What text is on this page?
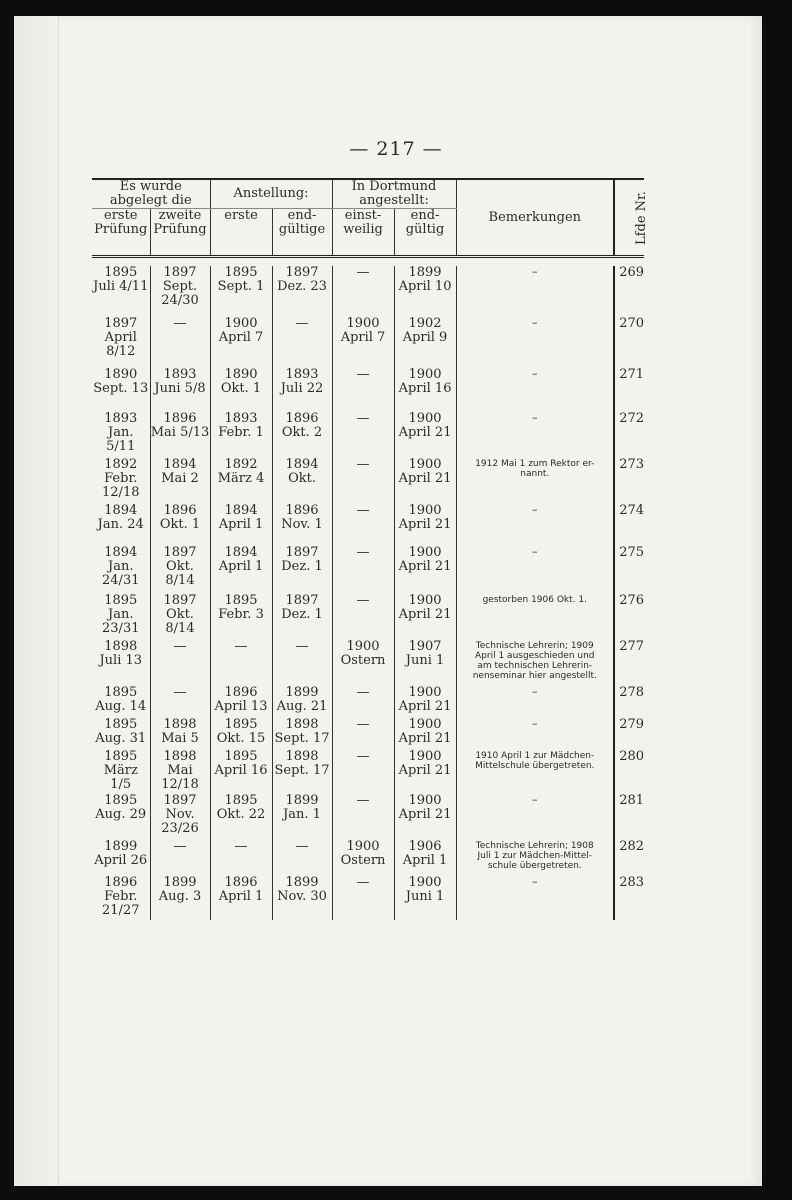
— 217 —
Es wurde abgelegt die		Anstellung:		In Dortmund angestellt:		Bemerkungen	Lfde Nr.
erste Prüfung	zweite Prüfung	erste	end-gültige	einst-weilig	end-gültig		

1895
Juli 4/11	1897
Sept.
24/30	1895
Sept. 1	1897
Dez. 23	—	1899
April 10	–	269

1897
April
8/12	—	1900
April 7	—	1900
April 7	1902
April 9	–	270

1890
Sept. 13	1893
Juni 5/8	1890
Okt. 1	1893
Juli 22	—	1900
April 16	–	271

1893
Jan. 5/11	1896
Mai 5/13	1893
Febr. 1	1896
Okt. 2	—	1900
April 21	–	272

1892
Febr.
12/18	1894
Mai 2	1892
März 4	1894
Okt.	—	1900
April 21	1912 Mai 1 zum Rektor er-
nannt.	273

1894
Jan. 24	1896
Okt. 1	1894
April 1	1896
Nov. 1	—	1900
April 21	–	274

1894
Jan.
24/31	1897
Okt.
8/14	1894
April 1	1897
Dez. 1	—	1900
April 21	–	275

1895
Jan.
23/31	1897
Okt.
8/14	1895
Febr. 3	1897
Dez. 1	—	1900
April 21	gestorben 1906 Okt. 1.	276

1898
Juli 13	—	—	—	1900
Ostern	1907
Juni 1	Technische Lehrerin; 1909
April 1 ausgeschieden und
am technischen Lehrerin-
nenseminar hier angestellt.	277

1895
Aug. 14	—	1896
April 13	1899
Aug. 21	—	1900
April 21	–	278

1895
Aug. 31	1898
Mai 5	1895
Okt. 15	1898
Sept. 17	—	1900
April 21	–	279

1895
März 1/5	1898
Mai
12/18	1895
April 16	1898
Sept. 17	—	1900
April 21	1910 April 1 zur Mädchen-
Mittelschule übergetreten.	280

1895
Aug. 29	1897
Nov.
23/26	1895
Okt. 22	1899
Jan. 1	—	1900
April 21	–	281

1899
April 26	—	—	—	1900
Ostern	1906
April 1	Technische Lehrerin; 1908
Juli 1 zur Mädchen-Mittel-
schule übergetreten.	282

1896
Febr.
21/27	1899
Aug. 3	1896
April 1	1899
Nov. 30	—	1900
Juni 1	–	283
